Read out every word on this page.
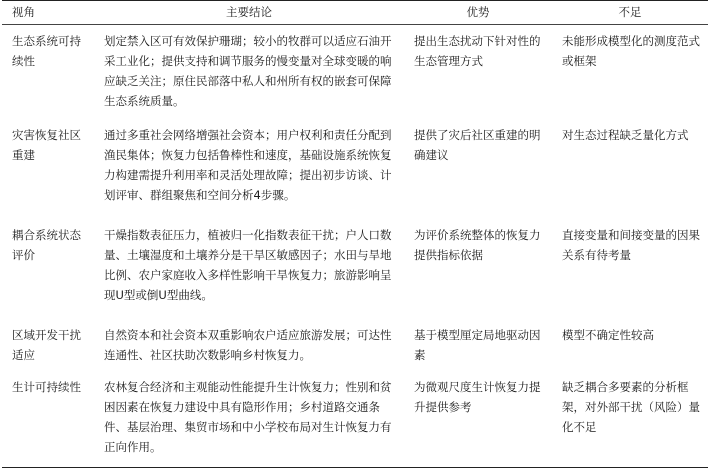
视角	主要结论	优势	不足
生态系统可持续性	划定禁入区可有效保护珊瑚；较小的牧群可以适应石油开采工业化；提供支持和调节服务的慢变量对全球变暖的响应缺乏关注；原住民部落中私人和州所有权的嵌套可保障生态系统质量。	提出生态扰动下针对性的生态管理方式	未能形成模型化的测度范式或框架
灾害恢复社区重建	通过多重社会网络增强社会资本；用户权利和责任分配到渔民集体；恢复力包括鲁棒性和速度，基础设施系统恢复力构建需提升利用率和灵活处理故障；提出初步访谈、计划评审、群组聚焦和空间分析4步骤。	提供了灾后社区重建的明确建议	对生态过程缺乏量化方式
耦合系统状态评价	干燥指数表征压力，植被归一化指数表征干扰；户人口数量、土壤湿度和土壤养分是干旱区敏感因子；水田与旱地比例、农户家庭收入多样性影响干旱恢复力；旅游影响呈现U型或倒U型曲线。	为评价系统整体的恢复力提供指标依据	直接变量和间接变量的因果关系有待考量
区域开发干扰适应	自然资本和社会资本双重影响农户适应旅游发展；可达性连通性、社区扶助次数影响乡村恢复力。	基于模型厘定局地驱动因素	模型不确定性较高
生计可持续性	农林复合经济和主观能动性能提升生计恢复力；性别和贫困因素在恢复力建设中具有隐形作用；乡村道路交通条件、基层治理、集贸市场和中小学校布局对生计恢复力有正向作用。	为微观尺度生计恢复力提升提供参考	缺乏耦合多要素的分析框架，对外部干扰（风险）量化不足
